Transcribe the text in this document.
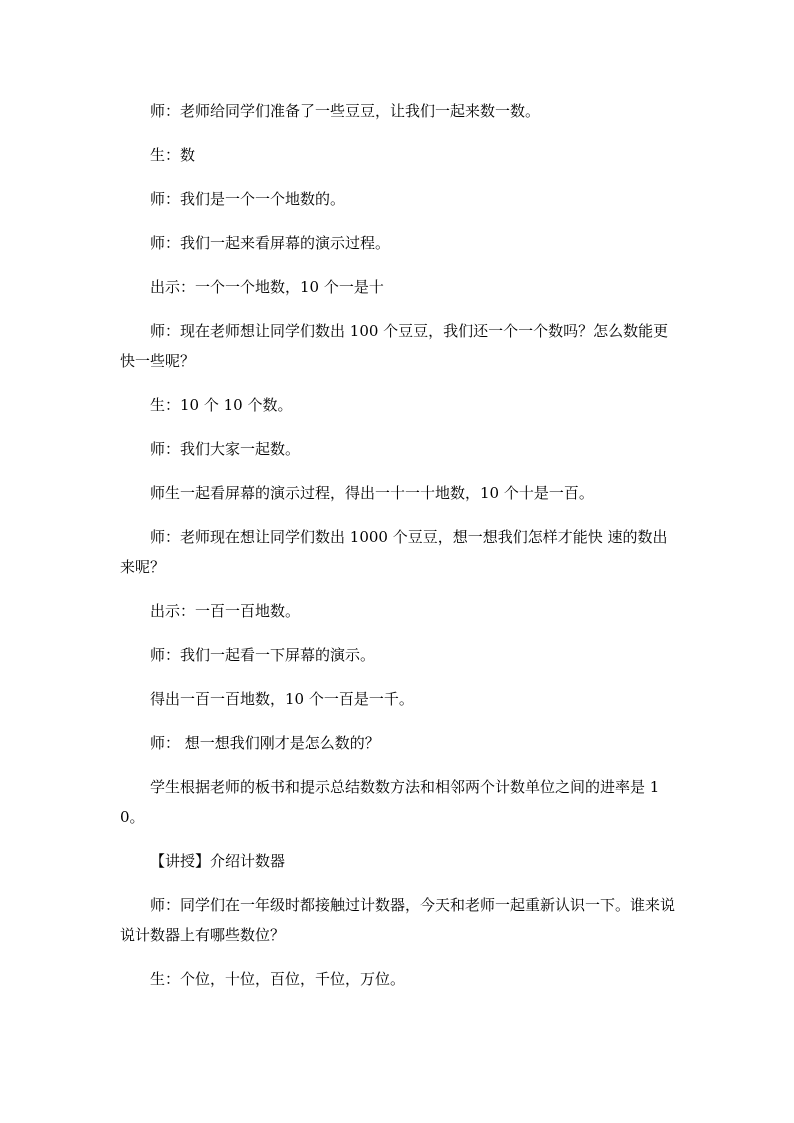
师：老师给同学们准备了一些豆豆，让我们一起来数一数。

生：数

师：我们是一个一个地数的。

师：我们一起来看屏幕的演示过程。

出示：一个一个地数，10 个一是十

师：现在老师想让同学们数出 100 个豆豆，我们还一个一个数吗？怎么数能更快一些呢？

生：10 个 10 个数。

师：我们大家一起数。

师生一起看屏幕的演示过程，得出一十一十地数，10 个十是一百。

师：老师现在想让同学们数出 1000 个豆豆，想一想我们怎样才能快 速的数出来呢？

出示：一百一百地数。

师：我们一起看一下屏幕的演示。

得出一百一百地数，10 个一百是一千。

师： 想一想我们刚才是怎么数的？

学生根据老师的板书和提示总结数数方法和相邻两个计数单位之间的进率是 10。

【讲授】介绍计数器

师：同学们在一年级时都接触过计数器，今天和老师一起重新认识一下。谁来说说计数器上有哪些数位？

生：个位，十位，百位，千位，万位。
